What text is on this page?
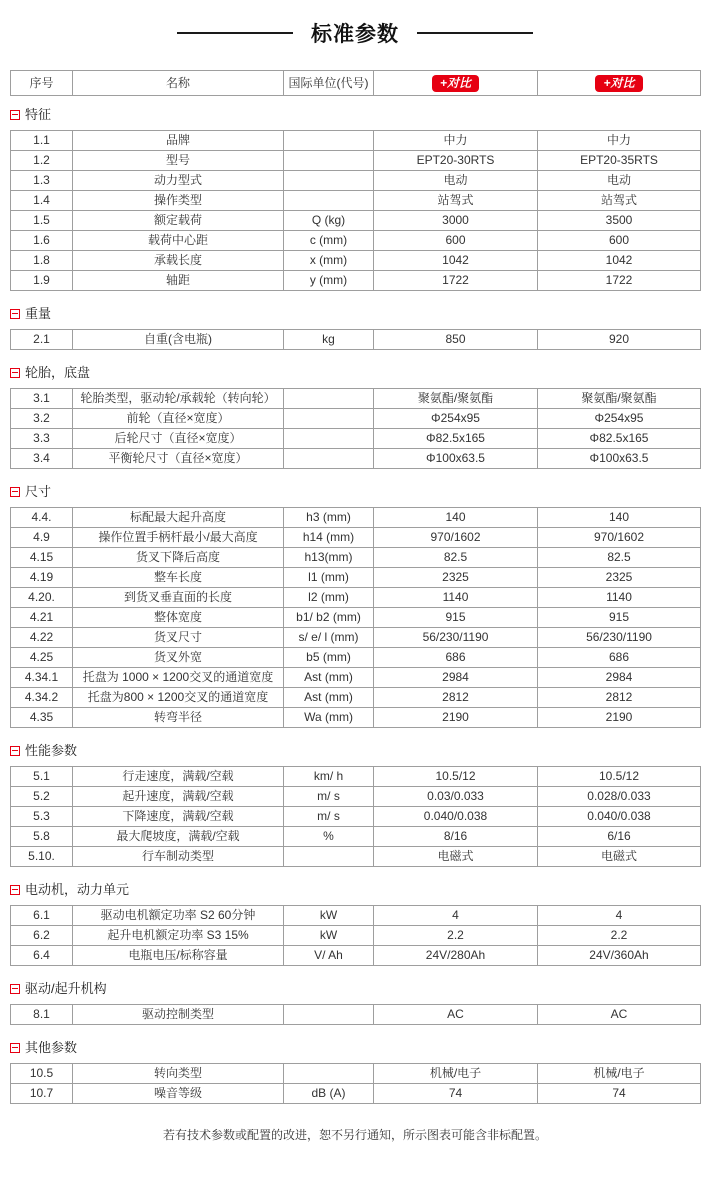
标准参数
序号	名称	国际单位(代号)	+对比	+对比
特征
1.1	品牌		中力	中力
1.2	型号		EPT20-30RTS	EPT20-35RTS
1.3	动力型式		电动	电动
1.4	操作类型		站驾式	站驾式
1.5	额定载荷	Q (kg)	3000	3500
1.6	载荷中心距	c (mm)	600	600
1.8	承载长度	x (mm)	1042	1042
1.9	轴距	y (mm)	1722	1722
重量
2.1	自重(含电瓶)	kg	850	920
轮胎，底盘
3.1	轮胎类型，驱动轮/承载轮（转向轮）		聚氨酯/聚氨酯	聚氨酯/聚氨酯
3.2	前轮（直径×宽度）		Φ254x95	Φ254x95
3.3	后轮尺寸（直径×宽度）		Φ82.5x165	Φ82.5x165
3.4	平衡轮尺寸（直径×宽度）		Φ100x63.5	Φ100x63.5
尺寸
4.4.	标配最大起升高度	h3 (mm)	140	140
4.9	操作位置手柄杆最小/最大高度	h14 (mm)	970/1602	970/1602
4.15	货叉下降后高度	h13(mm)	82.5	82.5
4.19	整车长度	l1 (mm)	2325	2325
4.20.	到货叉垂直面的长度	l2 (mm)	1140	1140
4.21	整体宽度	b1/ b2 (mm)	915	915
4.22	货叉尺寸	s/ e/ l (mm)	56/230/1190	56/230/1190
4.25	货叉外宽	b5 (mm)	686	686
4.34.1	托盘为 1000 × 1200交叉的通道宽度	Ast (mm)	2984	2984
4.34.2	托盘为800 × 1200交叉的通道宽度	Ast (mm)	2812	2812
4.35	转弯半径	Wa (mm)	2190	2190
性能参数
5.1	行走速度，满载/空载	km/ h	10.5/12	10.5/12
5.2	起升速度，满载/空载	m/ s	0.03/0.033	0.028/0.033
5.3	下降速度，满载/空载	m/ s	0.040/0.038	0.040/0.038
5.8	最大爬坡度，满载/空载	%	8/16	6/16
5.10.	行车制动类型		电磁式	电磁式
电动机，动力单元
6.1	驱动电机额定功率 S2 60分钟	kW	4	4
6.2	起升电机额定功率 S3 15%	kW	2.2	2.2
6.4	电瓶电压/标称容量	V/ Ah	24V/280Ah	24V/360Ah
驱动/起升机构
8.1	驱动控制类型		AC	AC
其他参数
10.5	转向类型		机械/电子	机械/电子
10.7	噪音等级	dB (A)	74	74
若有技术参数或配置的改进，恕不另行通知，所示图表可能含非标配置。
